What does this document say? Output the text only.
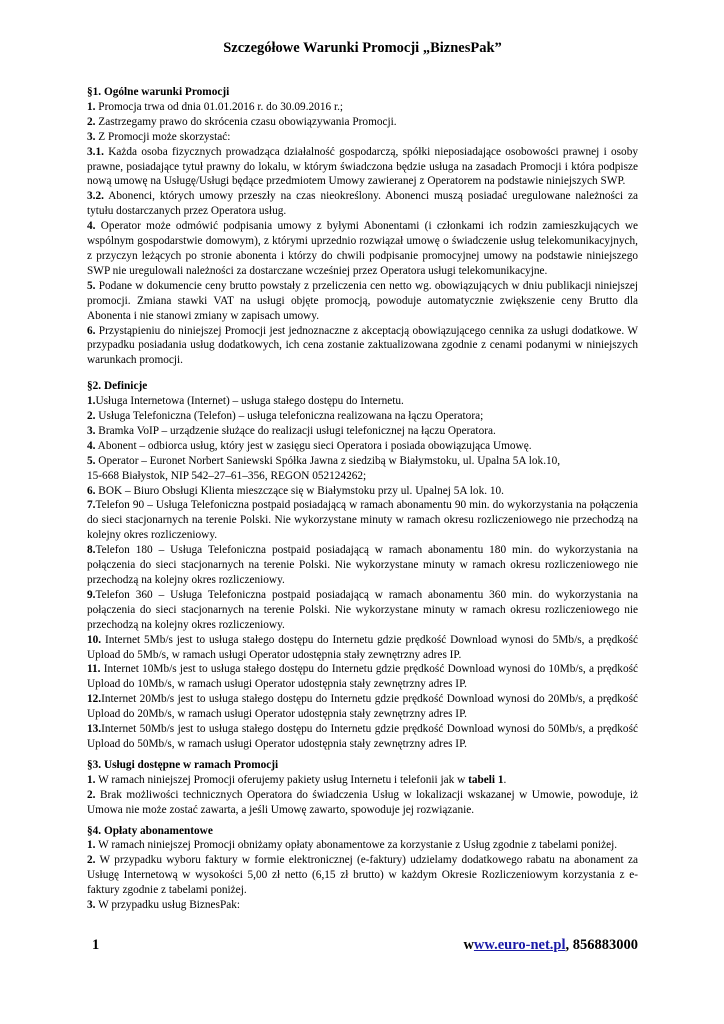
Szczegółowe Warunki Promocji „BiznesPak”

§1. Ogólne warunki Promocji

1. Promocja trwa od dnia 01.01.2016 r. do 30.09.2016 r.;

2. Zastrzegamy prawo do skrócenia czasu obowiązywania Promocji.

3. Z Promocji może skorzystać:

3.1. Każda osoba fizycznych prowadząca działalność gospodarczą, spółki nieposiadające osobowości prawnej i osoby prawne, posiadające tytuł prawny do lokalu, w którym świadczona będzie usługa na zasadach Promocji i która podpisze nową umowę na Usługę/Usługi będące przedmiotem Umowy zawieranej z Operatorem na podstawie niniejszych SWP.

3.2. Abonenci, których umowy przeszły na czas nieokreślony. Abonenci muszą posiadać uregulowane należności za tytułu dostarczanych przez Operatora usług.

4. Operator może odmówić podpisania umowy z byłymi Abonentami (i członkami ich rodzin zamieszkujących we wspólnym gospodarstwie domowym), z którymi uprzednio rozwiązał umowę o świadczenie usług telekomunikacyjnych, z przyczyn leżących po stronie abonenta i którzy do chwili podpisanie promocyjnej umowy na podstawie niniejszego SWP nie uregulowali należności za dostarczane wcześniej przez Operatora usługi telekomunikacyjne.

5. Podane w dokumencie ceny brutto powstały z przeliczenia cen netto wg. obowiązujących w dniu publikacji niniejszej promocji. Zmiana stawki VAT na usługi objęte promocją, powoduje automatycznie zwiększenie ceny Brutto dla Abonenta i nie stanowi zmiany w zapisach umowy.

6. Przystąpieniu do niniejszej Promocji jest jednoznaczne z akceptacją obowiązującego cennika za usługi dodatkowe. W przypadku posiadania usług dodatkowych, ich cena zostanie zaktualizowana zgodnie z cenami podanymi w niniejszych warunkach promocji.

§2. Definicje

1.Usługa Internetowa (Internet) – usługa stałego dostępu do Internetu.

2. Usługa Telefoniczna (Telefon) – usługa telefoniczna realizowana na łączu Operatora;

3. Bramka VoIP – urządzenie służące do realizacji usługi telefonicznej na łączu Operatora.

4. Abonent – odbiorca usług, który jest w zasięgu sieci Operatora i posiada obowiązująca Umowę.

5. Operator – Euronet Norbert Saniewski Spółka Jawna z siedzibą w Białymstoku, ul. Upalna 5A lok.10,

15-668 Białystok, NIP 542–27–61–356, REGON 052124262;

6. BOK – Biuro Obsługi Klienta mieszczące się w Białymstoku przy ul. Upalnej 5A lok. 10.

7.Telefon 90 – Usługa Telefoniczna postpaid posiadającą w ramach abonamentu 90 min. do wykorzystania na połączenia do sieci stacjonarnych na terenie Polski. Nie wykorzystane minuty w ramach okresu rozliczeniowego nie przechodzą na kolejny okres rozliczeniowy.

8.Telefon 180 – Usługa Telefoniczna postpaid posiadającą w ramach abonamentu 180 min. do wykorzystania na połączenia do sieci stacjonarnych na terenie Polski. Nie wykorzystane minuty w ramach okresu rozliczeniowego nie przechodzą na kolejny okres rozliczeniowy.

9.Telefon 360 – Usługa Telefoniczna postpaid posiadającą w ramach abonamentu 360 min. do wykorzystania na połączenia do sieci stacjonarnych na terenie Polski. Nie wykorzystane minuty w ramach okresu rozliczeniowego nie przechodzą na kolejny okres rozliczeniowy.

10. Internet 5Mb/s jest to usługa stałego dostępu do Internetu gdzie prędkość Download wynosi do 5Mb/s, a prędkość Upload do 5Mb/s, w ramach usługi Operator udostępnia stały zewnętrzny adres IP.

11. Internet 10Mb/s jest to usługa stałego dostępu do Internetu gdzie prędkość Download wynosi do 10Mb/s, a prędkość Upload do 10Mb/s, w ramach usługi Operator udostępnia stały zewnętrzny adres IP.

12.Internet 20Mb/s jest to usługa stałego dostępu do Internetu gdzie prędkość Download wynosi do 20Mb/s, a prędkość Upload do 20Mb/s, w ramach usługi Operator udostępnia stały zewnętrzny adres IP.

13.Internet 50Mb/s jest to usługa stałego dostępu do Internetu gdzie prędkość Download wynosi do 50Mb/s, a prędkość Upload do 50Mb/s, w ramach usługi Operator udostępnia stały zewnętrzny adres IP.

§3. Usługi dostępne w ramach Promocji

1. W ramach niniejszej Promocji oferujemy pakiety usług Internetu i telefonii jak w tabeli 1.

2. Brak możliwości technicznych Operatora do świadczenia Usług w lokalizacji wskazanej w Umowie, powoduje, iż Umowa nie może zostać zawarta, a jeśli Umowę zawarto, spowoduje jej rozwiązanie.

§4. Opłaty abonamentowe

1. W ramach niniejszej Promocji obniżamy opłaty abonamentowe za korzystanie z Usług zgodnie z tabelami poniżej.

2. W przypadku wyboru faktury w formie elektronicznej (e-faktury) udzielamy dodatkowego rabatu na abonament za Usługę Internetową w wysokości 5,00 zł netto (6,15 zł brutto) w każdym Okresie Rozliczeniowym korzystania z e-faktury zgodnie z tabelami poniżej.

3. W przypadku usług BiznesPak:

1	www.euro-net.pl, 856883000
